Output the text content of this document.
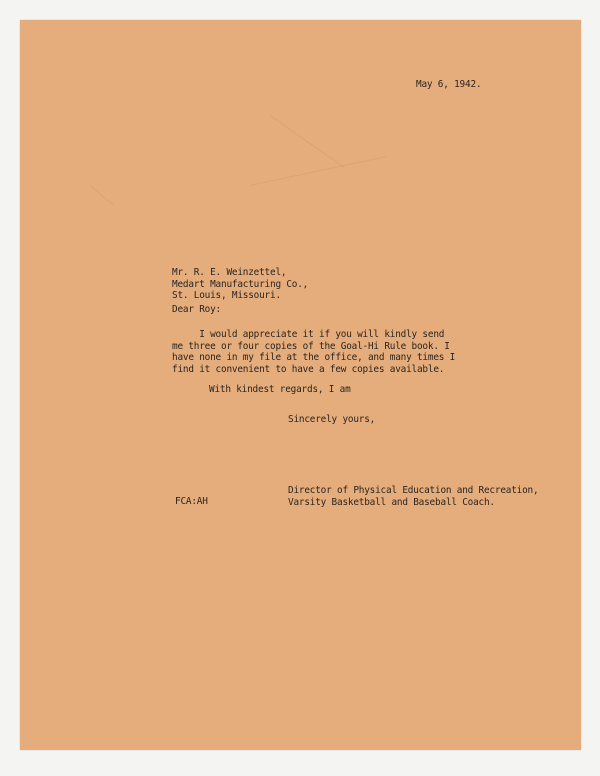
May 6, 1942.
Mr. R. E. Weinzettel,
Medart Manufacturing Co.,
St. Louis, Missouri.
Dear Roy:
I would appreciate it if you will kindly send
me three or four copies of the Goal-Hi Rule book. I
have none in my file at the office, and many times I
find it convenient to have a few copies available.
With kindest regards, I am
Sincerely yours,
Director of Physical Education and Recreation,
Varsity Basketball and Baseball Coach.
FCA:AH
